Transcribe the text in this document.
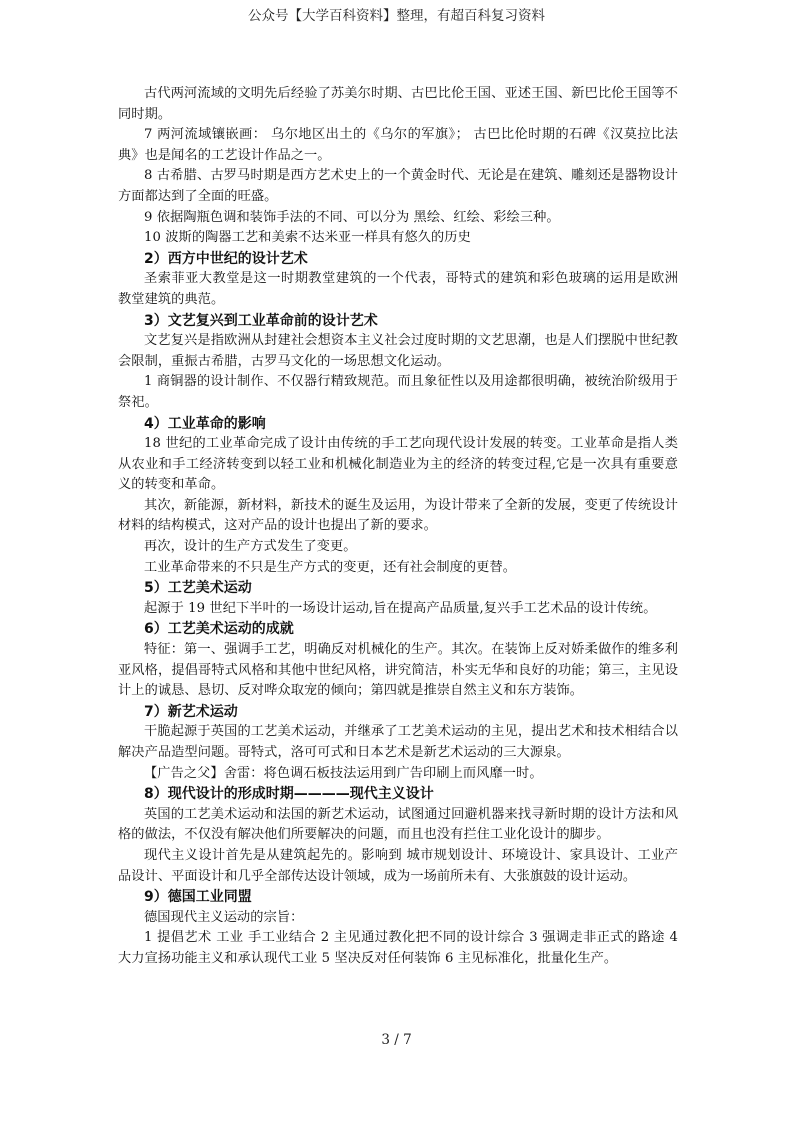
公众号【大学百科资料】整理，有超百科复习资料

古代两河流域的文明先后经验了苏美尔时期、古巴比伦王国、亚述王国、新巴比伦王国等不同时期。

7 两河流域镶嵌画： 乌尔地区出土的《乌尔的军旗》； 古巴比伦时期的石碑《汉莫拉比法典》也是闻名的工艺设计作品之一。

8 古希腊、古罗马时期是西方艺术史上的一个黄金时代、无论是在建筑、雕刻还是器物设计方面都达到了全面的旺盛。

9 依据陶瓶色调和装饰手法的不同、可以分为 黑绘、红绘、彩绘三种。

10 波斯的陶器工艺和美索不达米亚一样具有悠久的历史

2）西方中世纪的设计艺术

圣索菲亚大教堂是这一时期教堂建筑的一个代表，哥特式的建筑和彩色玻璃的运用是欧洲 教堂建筑的典范。

3）文艺复兴到工业革命前的设计艺术

文艺复兴是指欧洲从封建社会想资本主义社会过度时期的文艺思潮，也是人们摆脱中世纪教会限制，重振古希腊，古罗马文化的一场思想文化运动。

1 商铜器的设计制作、不仅器行精致规范。而且象征性以及用途都很明确，被统治阶级用于祭祀。

4）工业革命的影响

18 世纪的工业革命完成了设计由传统的手工艺向现代设计发展的转变。工业革命是指人类从农业和手工经济转变到以轻工业和机械化制造业为主的经济的转变过程,它是一次具有重要意义的转变和革命。

其次，新能源，新材料，新技术的诞生及运用，为设计带来了全新的发展，变更了传统设计材料的结构模式，这对产品的设计也提出了新的要求。

再次，设计的生产方式发生了变更。

工业革命带来的不只是生产方式的变更，还有社会制度的更替。

5）工艺美术运动

起源于 19 世纪下半叶的一场设计运动,旨在提高产品质量,复兴手工艺术品的设计传统。

6）工艺美术运动的成就

特征：第一、强调手工艺，明确反对机械化的生产。其次。在装饰上反对娇柔做作的维多利亚风格，提倡哥特式风格和其他中世纪风格，讲究简洁，朴实无华和良好的功能；第三，主见设计上的诚恳、恳切、反对哗众取宠的倾向；第四就是推崇自然主义和东方装饰。

7）新艺术运动

干脆起源于英国的工艺美术运动，并继承了工艺美术运动的主见，提出艺术和技术相结合以解决产品造型问题。哥特式，洛可可式和日本艺术是新艺术运动的三大源泉。

【广告之父】舍雷：将色调石板技法运用到广告印刷上而风靡一时。

8）现代设计的形成时期————现代主义设计

英国的工艺美术运动和法国的新艺术运动，试图通过回避机器来找寻新时期的设计方法和风格的做法，不仅没有解决他们所要解决的问题，而且也没有拦住工业化设计的脚步。

现代主义设计首先是从建筑起先的。影响到 城市规划设计、环境设计、家具设计、工业产品设计、平面设计和几乎全部传达设计领域，成为一场前所未有、大张旗鼓的设计运动。

9）德国工业同盟

德国现代主义运动的宗旨：

1 提倡艺术 工业 手工业结合 2 主见通过教化把不同的设计综合 3 强调走非正式的路途 4 大力宣扬功能主义和承认现代工业 5 坚决反对任何装饰 6 主见标准化，批量化生产。

3 / 7
